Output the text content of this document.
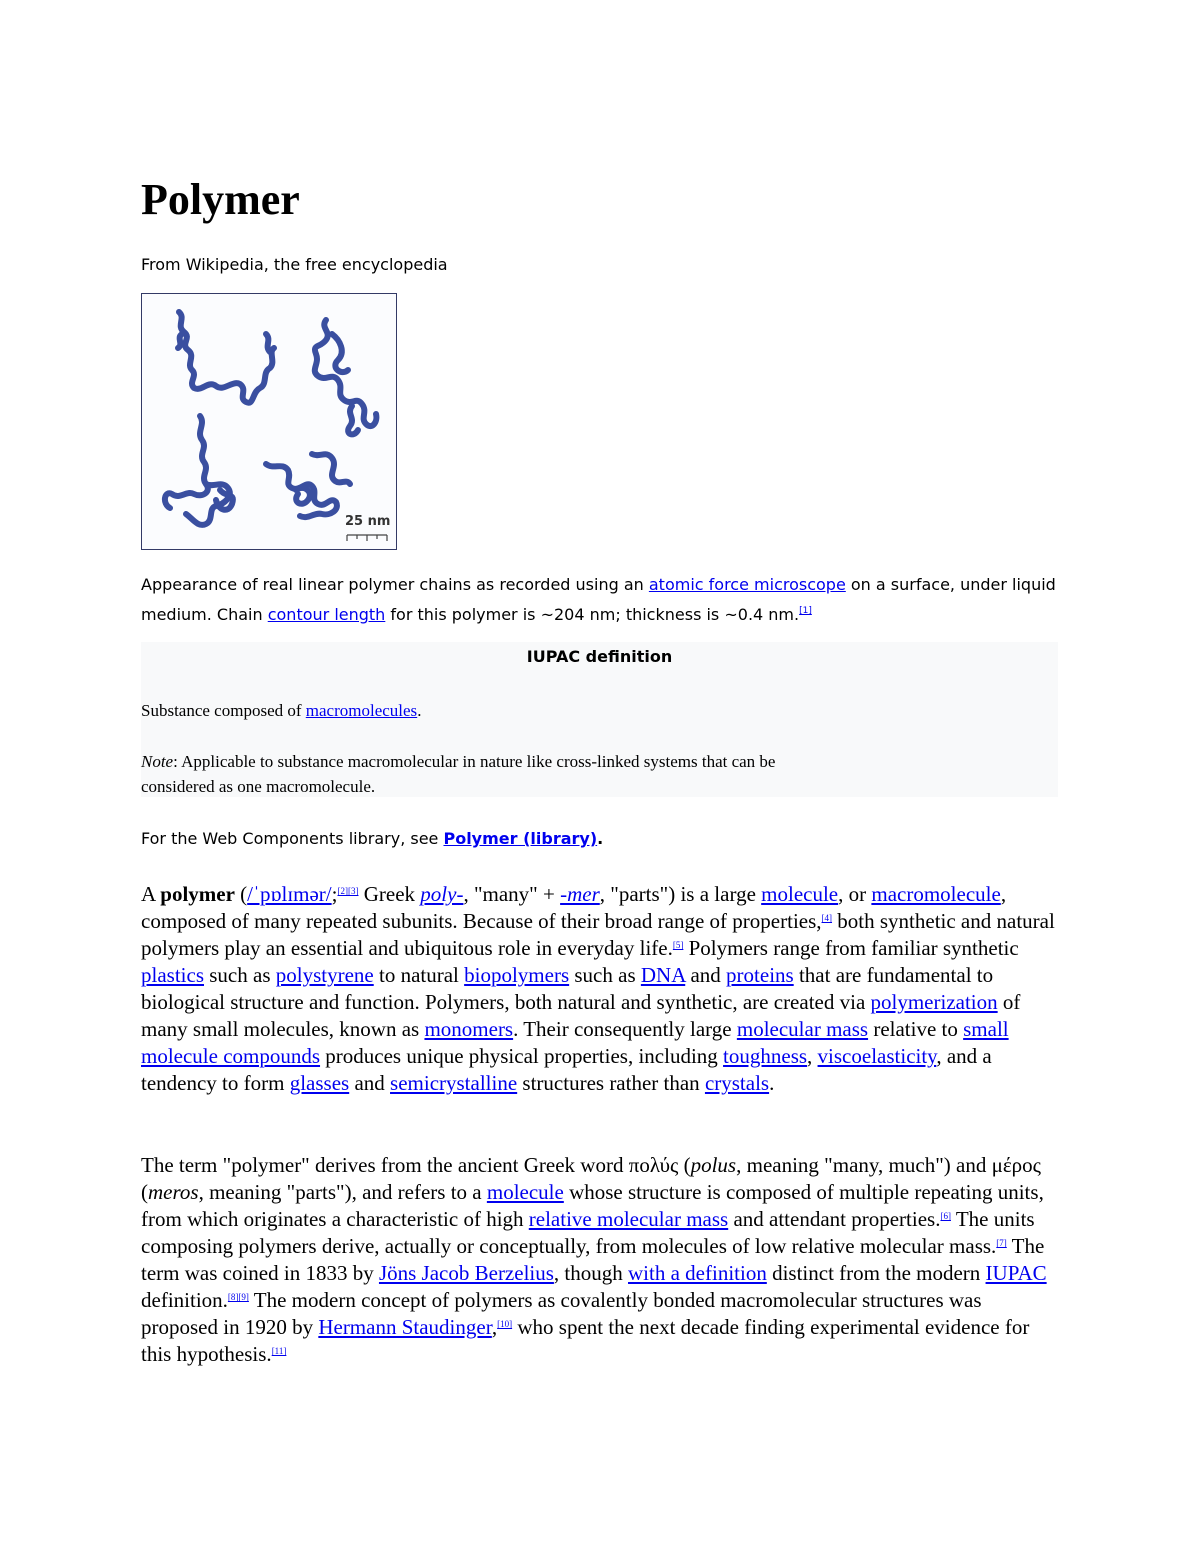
Polymer
From Wikipedia, the free encyclopedia
25 nm
Appearance of real linear polymer chains as recorded using an atomic force microscope on a surface, under liquid medium. Chain contour length for this polymer is ~204 nm; thickness is ~0.4 nm.[1]
IUPAC definition
Substance composed of macromolecules.
Note: Applicable to substance macromolecular in nature like cross-linked systems that can be considered as one macromolecule.
For the Web Components library, see Polymer (library).

A polymer (/ˈpɒlɪmər/;[2][3] Greek poly-, "many" + -mer, "parts") is a large molecule, or macromolecule, composed of many repeated subunits. Because of their broad range of properties,[4] both synthetic and natural polymers play an essential and ubiquitous role in everyday life.[5] Polymers range from familiar synthetic plastics such as polystyrene to natural biopolymers such as DNA and proteins that are fundamental to biological structure and function. Polymers, both natural and synthetic, are created via polymerization of many small molecules, known as monomers. Their consequently large molecular mass relative to small molecule compounds produces unique physical properties, including toughness, viscoelasticity, and a tendency to form glasses and semicrystalline structures rather than crystals.

The term "polymer" derives from the ancient Greek word πολύς (polus, meaning "many, much") and μέρος (meros, meaning "parts"), and refers to a molecule whose structure is composed of multiple repeating units, from which originates a characteristic of high relative molecular mass and attendant properties.[6] The units composing polymers derive, actually or conceptually, from molecules of low relative molecular mass.[7] The term was coined in 1833 by Jöns Jacob Berzelius, though with a definition distinct from the modern IUPAC definition.[8][9] The modern concept of polymers as covalently bonded macromolecular structures was proposed in 1920 by Hermann Staudinger,[10] who spent the next decade finding experimental evidence for this hypothesis.[11]
